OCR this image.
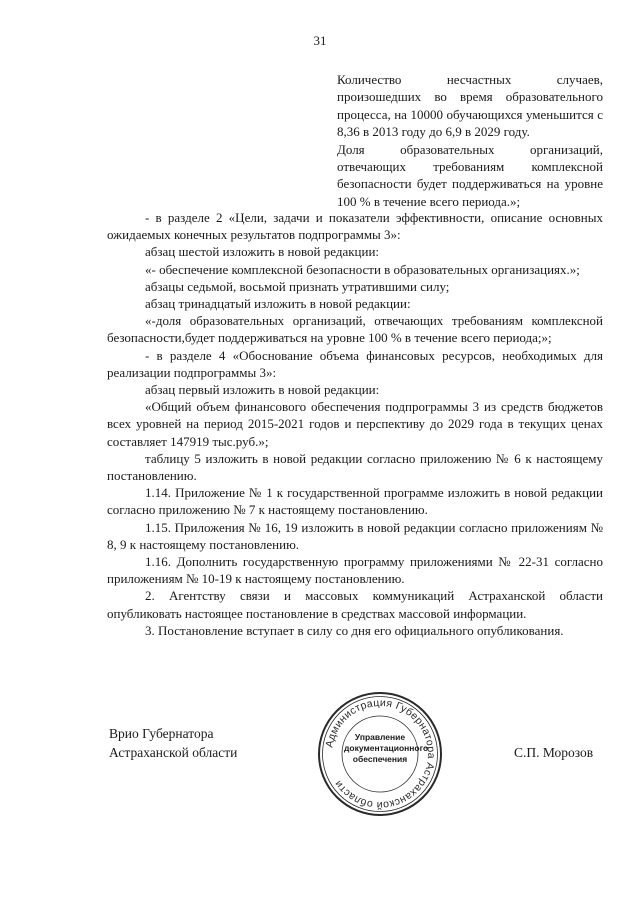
31

Количество несчастных случаев, произошедших во время образовательного процесса, на 10000 обучающихся уменьшится с 8,36 в 2013 году до 6,9 в 2029 году.

Доля образовательных организаций, отвечающих требованиям комплексной безопасности будет поддерживаться на уровне 100 % в течение всего периода.»;

- в разделе 2 «Цели, задачи и показатели эффективности, описание основных ожидаемых конечных результатов подпрограммы 3»:

абзац шестой изложить в новой редакции:

«- обеспечение комплексной безопасности в образовательных организациях.»;

абзацы седьмой, восьмой признать утратившими силу;

абзац тринадцатый изложить в новой редакции:

«-доля образовательных организаций, отвечающих требованиям комплексной безопасности,будет поддерживаться на уровне 100 % в течение всего периода;»;

- в разделе 4 «Обоснование объема финансовых ресурсов, необходимых для реализации подпрограммы 3»:

абзац первый изложить в новой редакции:

«Общий объем финансового обеспечения подпрограммы 3 из средств бюджетов всех уровней на период 2015-2021 годов и перспективу до 2029 года в текущих ценах составляет 147919 тыс.руб.»;

таблицу 5 изложить в новой редакции согласно приложению № 6 к настоящему постановлению.

1.14. Приложение № 1 к государственной программе изложить в новой редакции согласно приложению № 7 к настоящему постановлению.

1.15. Приложения № 16, 19 изложить в новой редакции согласно приложениям № 8, 9 к настоящему постановлению.

1.16. Дополнить государственную программу приложениями № 22-31 согласно приложениям № 10-19 к настоящему постановлению.

2. Агентству связи и массовых коммуникаций Астраханской области опубликовать настоящее постановление в средствах массовой информации.

3. Постановление вступает в силу со дня его официального опубликования.

Врио Губернатора
Астраханской области	С.П. Морозов
Администрация Губернатора Астраханской области
Управление
документационного
обеспечения
